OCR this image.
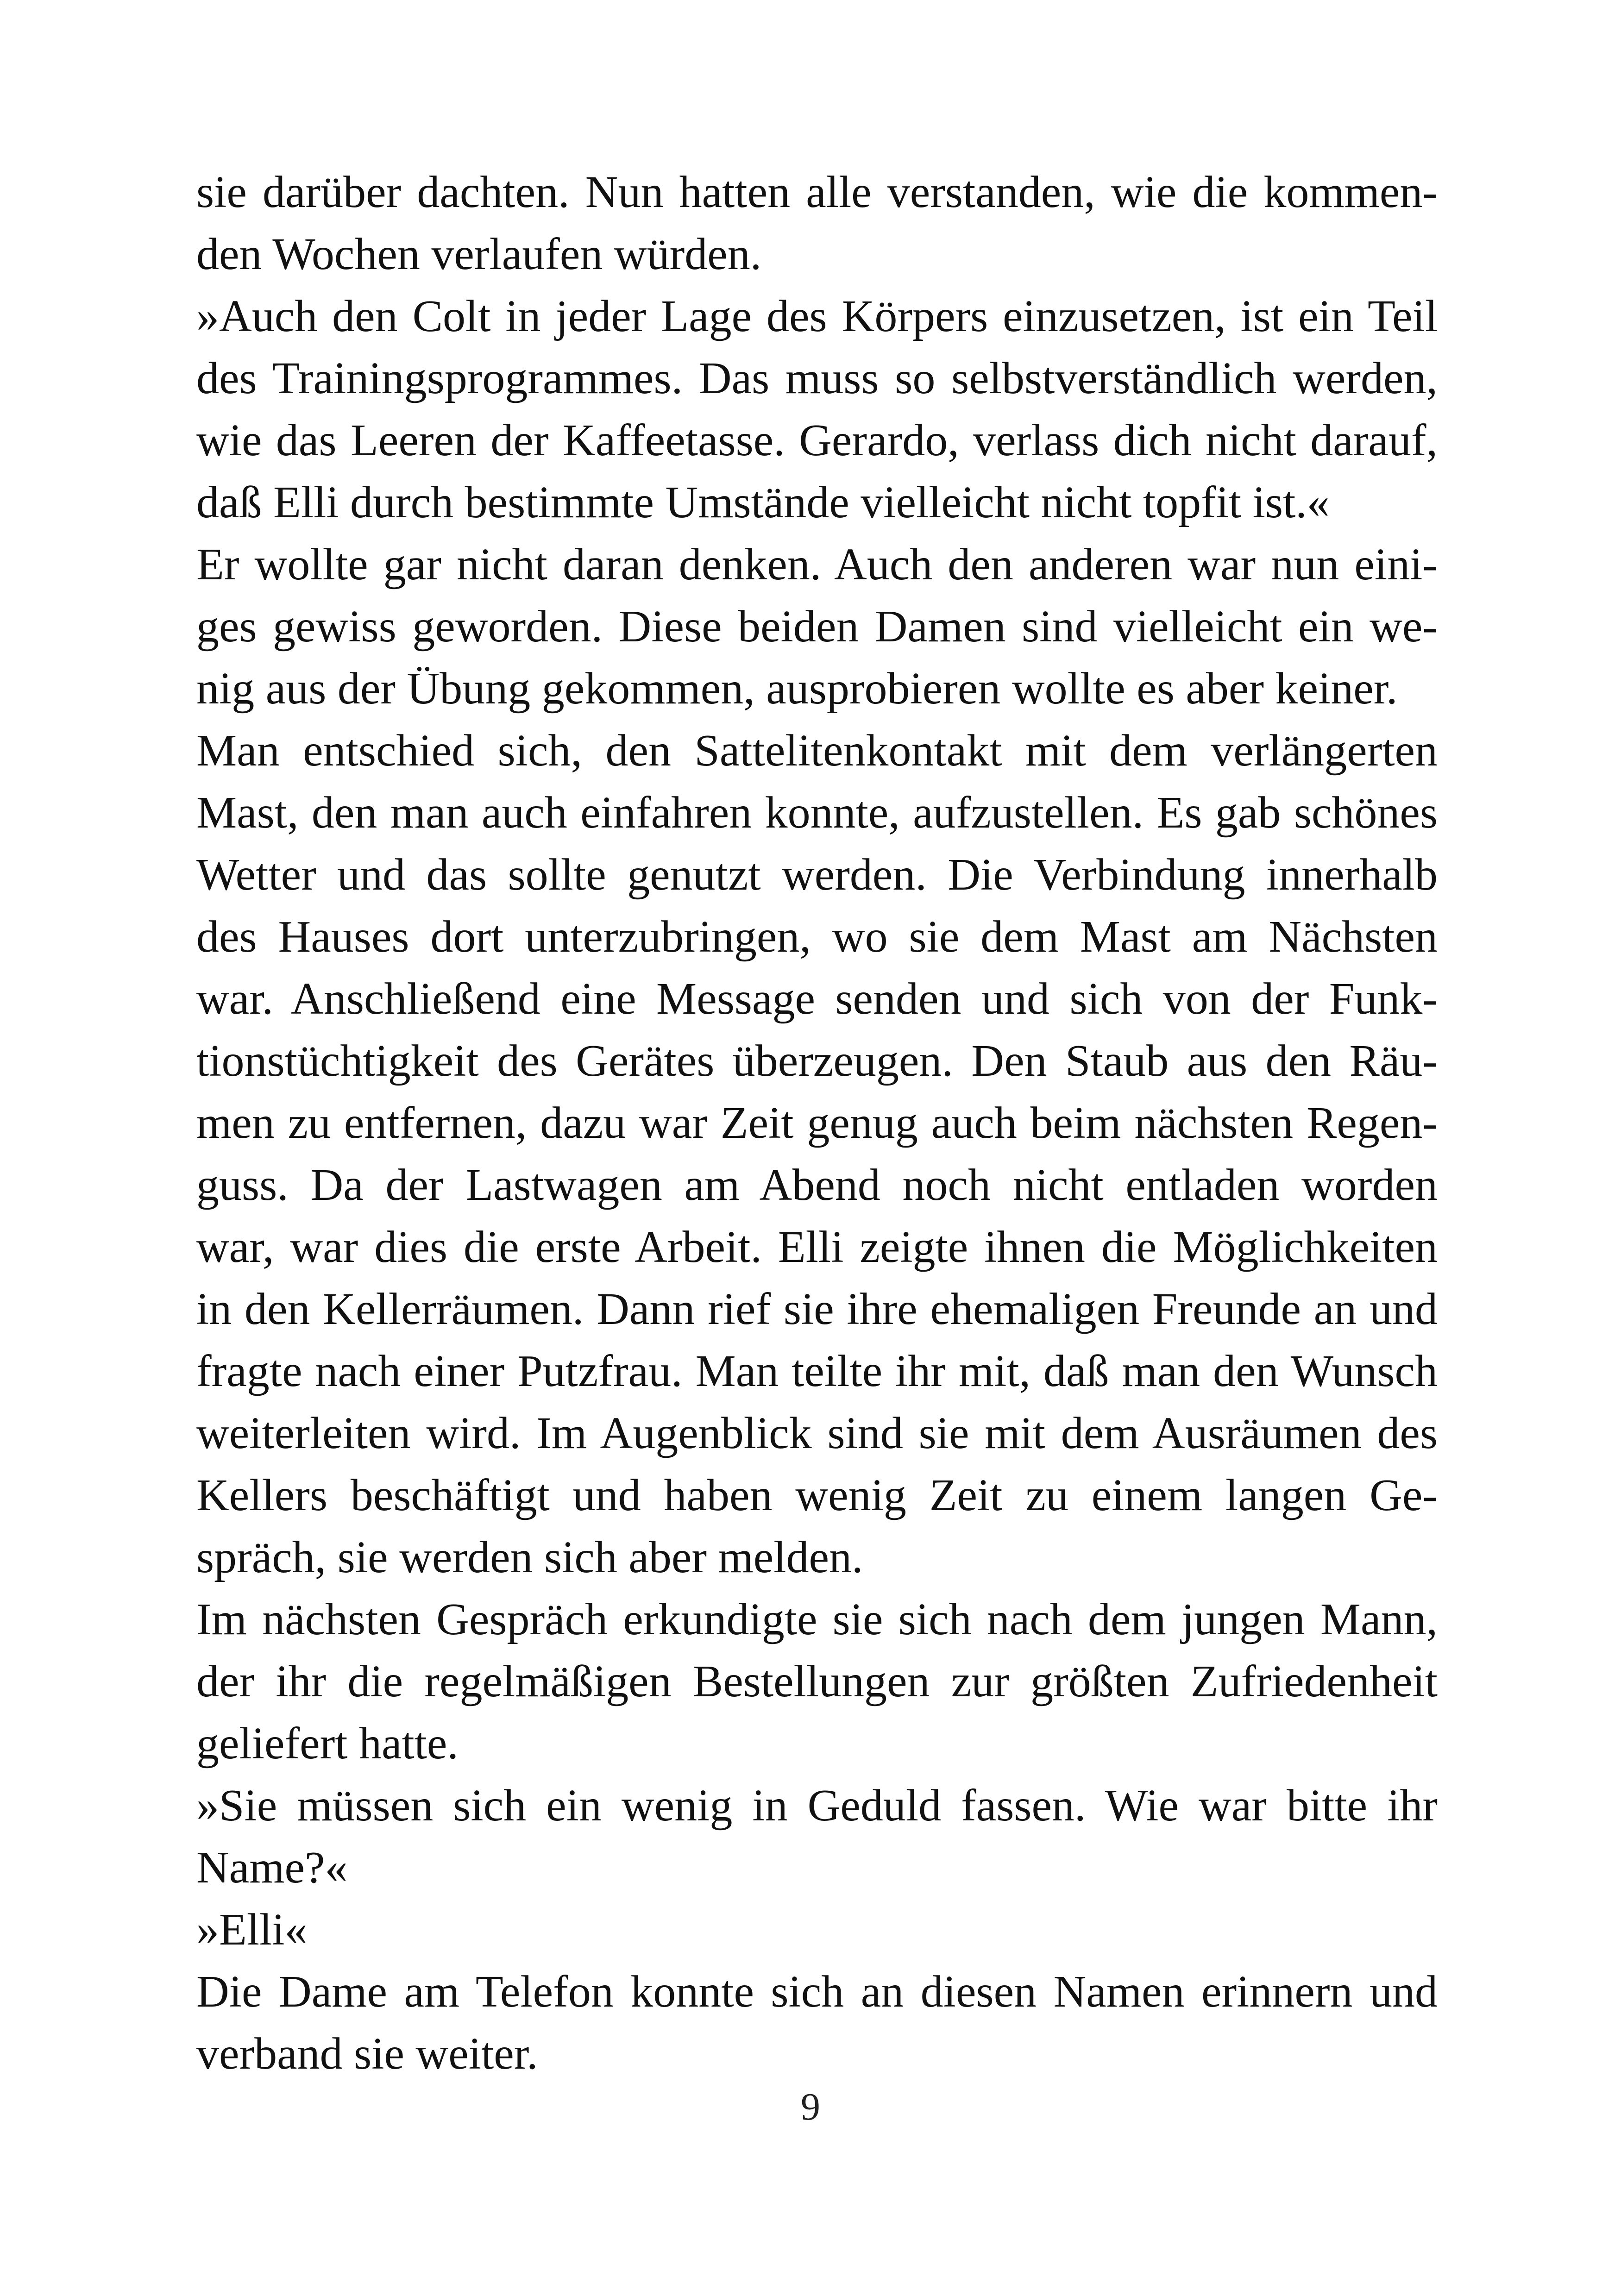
sie darüber dachten. Nun hatten alle verstanden, wie die kommen-
den Wochen verlaufen würden.
»Auch den Colt in jeder Lage des Körpers einzusetzen, ist ein Teil
des Trainingsprogrammes. Das muss so selbstverständlich werden,
wie das Leeren der Kaffeetasse. Gerardo, verlass dich nicht darauf,
daß Elli durch bestimmte Umstände vielleicht nicht topfit ist.«
Er wollte gar nicht daran denken. Auch den anderen war nun eini-
ges gewiss geworden. Diese beiden Damen sind vielleicht ein we-
nig aus der Übung gekommen, ausprobieren wollte es aber keiner.
Man entschied sich, den Sattelitenkontakt mit dem verlängerten
Mast, den man auch einfahren konnte, aufzustellen. Es gab schönes
Wetter und das sollte genutzt werden. Die Verbindung innerhalb
des Hauses dort unterzubringen, wo sie dem Mast am Nächsten
war. Anschließend eine Message senden und sich von der Funk-
tionstüchtigkeit des Gerätes überzeugen. Den Staub aus den Räu-
men zu entfernen, dazu war Zeit genug auch beim nächsten Regen-
guss. Da der Lastwagen am Abend noch nicht entladen worden
war, war dies die erste Arbeit. Elli zeigte ihnen die Möglichkeiten
in den Kellerräumen. Dann rief sie ihre ehemaligen Freunde an und
fragte nach einer Putzfrau. Man teilte ihr mit, daß man den Wunsch
weiterleiten wird. Im Augenblick sind sie mit dem Ausräumen des
Kellers beschäftigt und haben wenig Zeit zu einem langen Ge-
spräch, sie werden sich aber melden.
Im nächsten Gespräch erkundigte sie sich nach dem jungen Mann,
der ihr die regelmäßigen Bestellungen zur größten Zufriedenheit
geliefert hatte.
»Sie müssen sich ein wenig in Geduld fassen. Wie war bitte ihr
Name?«
»Elli«
Die Dame am Telefon konnte sich an diesen Namen erinnern und
verband sie weiter.
9
